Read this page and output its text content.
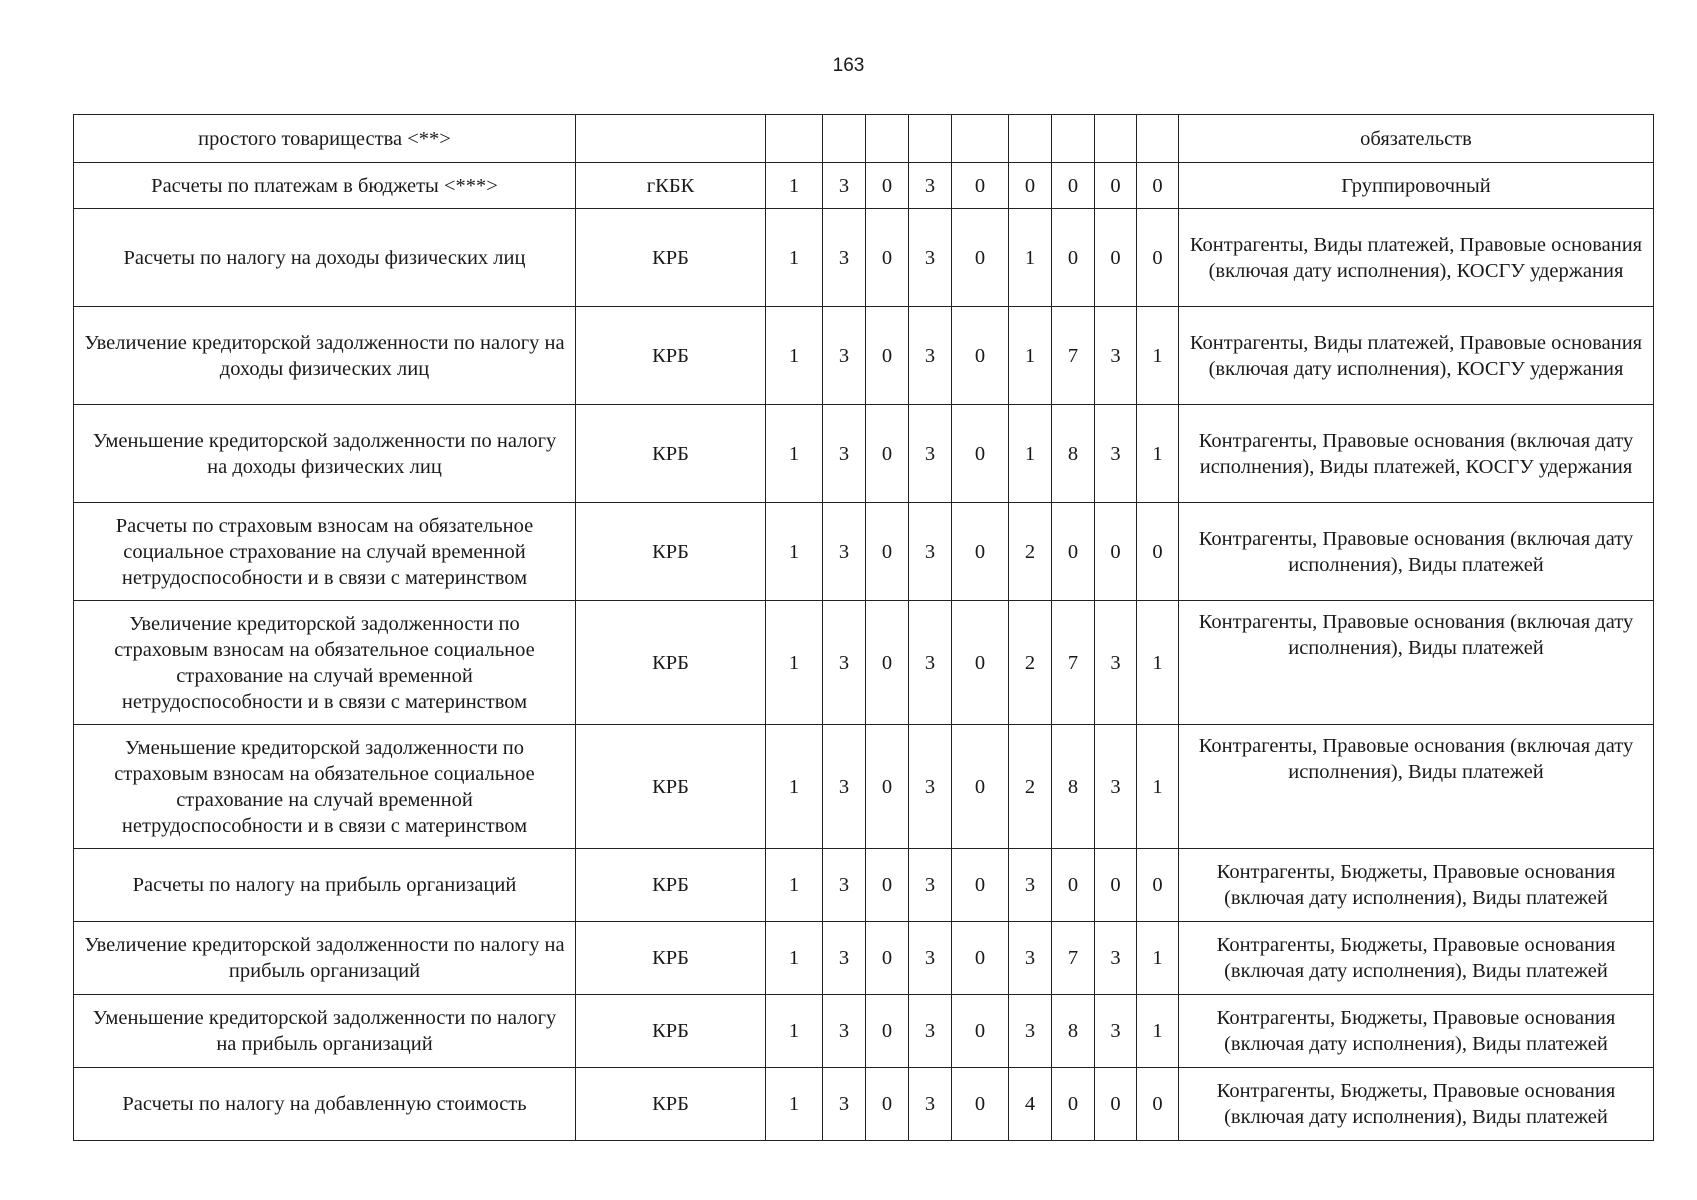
163
простого товарищества <**>											обязательств
Расчеты по платежам в бюджеты <***>	гКБК	1	3	0	3	0	0	0	0	0	Группировочный
Расчеты по налогу на доходы физических лиц	КРБ	1	3	0	3	0	1	0	0	0	Контрагенты, Виды платежей, Правовые основания (включая дату исполнения), КОСГУ удержания
Увеличение кредиторской задолженности по налогу на доходы физических лиц	КРБ	1	3	0	3	0	1	7	3	1	Контрагенты, Виды платежей, Правовые основания (включая дату исполнения), КОСГУ удержания
Уменьшение кредиторской задолженности по налогу на доходы физических лиц	КРБ	1	3	0	3	0	1	8	3	1	Контрагенты, Правовые основания (включая дату исполнения), Виды платежей, КОСГУ удержания
Расчеты по страховым взносам на обязательное социальное страхование на случай временной нетрудоспособности и в связи с материнством	КРБ	1	3	0	3	0	2	0	0	0	Контрагенты, Правовые основания (включая дату исполнения), Виды платежей
Увеличение кредиторской задолженности по страховым взносам на обязательное социальное страхование на случай временной нетрудоспособности и в связи с материнством	КРБ	1	3	0	3	0	2	7	3	1	Контрагенты, Правовые основания (включая дату исполнения), Виды платежей
Уменьшение кредиторской задолженности по страховым взносам на обязательное социальное страхование на случай временной нетрудоспособности и в связи с материнством	КРБ	1	3	0	3	0	2	8	3	1	Контрагенты, Правовые основания (включая дату исполнения), Виды платежей
Расчеты по налогу на прибыль организаций	КРБ	1	3	0	3	0	3	0	0	0	Контрагенты, Бюджеты, Правовые основания (включая дату исполнения), Виды платежей
Увеличение кредиторской задолженности по налогу на прибыль организаций	КРБ	1	3	0	3	0	3	7	3	1	Контрагенты, Бюджеты, Правовые основания (включая дату исполнения), Виды платежей
Уменьшение кредиторской задолженности по налогу на прибыль организаций	КРБ	1	3	0	3	0	3	8	3	1	Контрагенты, Бюджеты, Правовые основания (включая дату исполнения), Виды платежей
Расчеты по налогу на добавленную стоимость	КРБ	1	3	0	3	0	4	0	0	0	Контрагенты, Бюджеты, Правовые основания (включая дату исполнения), Виды платежей
